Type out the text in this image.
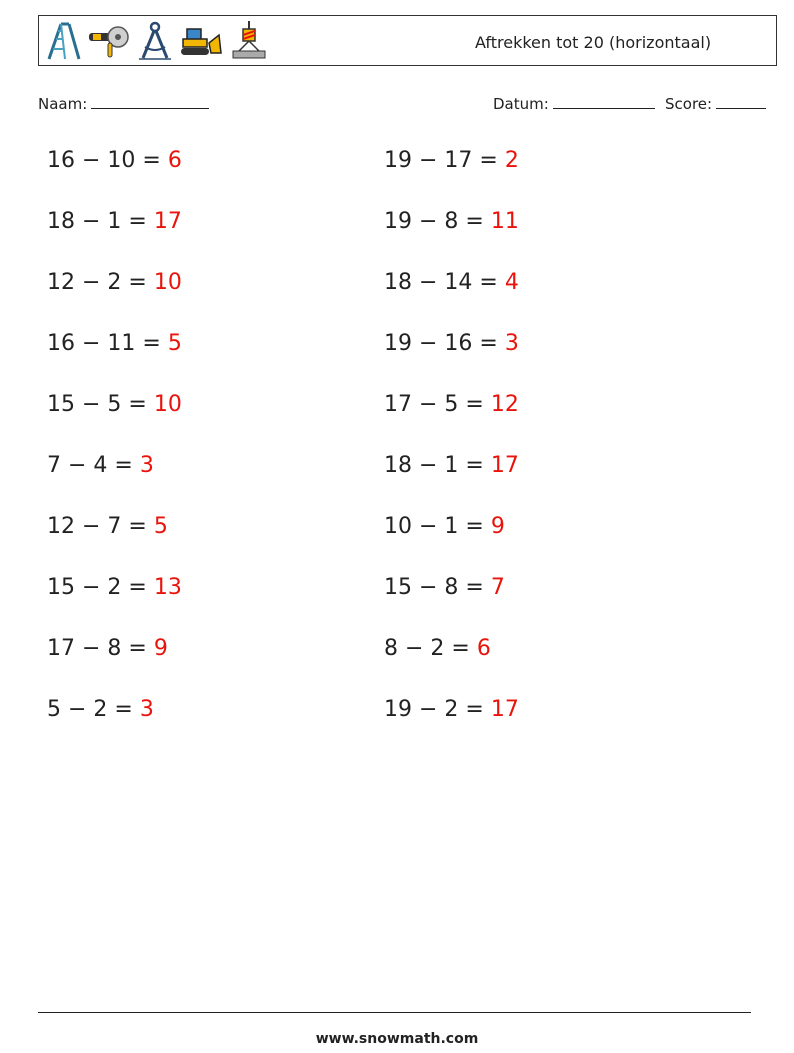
Aftrekken tot 20 (horizontaal)
Naam:	Datum:	Score:
16 − 10 = 6
18 − 1 = 17
12 − 2 = 10
16 − 11 = 5
15 − 5 = 10
7 − 4 = 3
12 − 7 = 5
15 − 2 = 13
17 − 8 = 9
5 − 2 = 3
19 − 17 = 2
19 − 8 = 11
18 − 14 = 4
19 − 16 = 3
17 − 5 = 12
18 − 1 = 17
10 − 1 = 9
15 − 8 = 7
8 − 2 = 6
19 − 2 = 17
www.snowmath.com
